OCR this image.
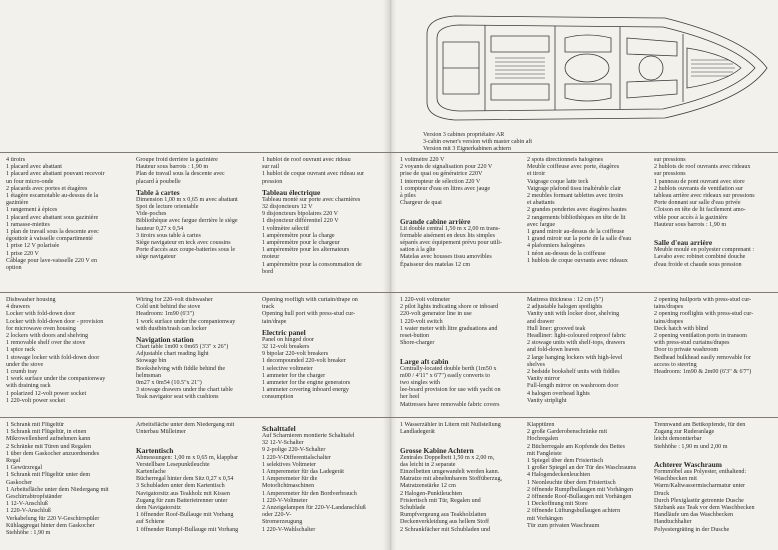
Version 3 cabines propriétaire AR
3-cabin owner's version with master cabin aft
Version mit 3 Eignerkabinen achtern
4 tiroirs
1 placard avec abattant
1 placard avec abattant pouvant recevoir
un four micro-onde
2 placards avec portes et étagères
1 étagère escamotable au-dessus de la
gazinière
1 rangement à épices
1 placard avec abattant sous gazinière
1 ramasse-miettes
1 plan de travail sous la descente avec
égouttoir à vaisselle compartimenté
1 prise 12 V polarisée
1 prise 220 V
Câblage pour lave-vaisselle 220 V en
option
Groupe froid derrière la gazinière
Hauteur sous barrots : 1,90 m
Plan de travail sous la descente avec
placard à poubelle
Table à cartes
Dimension 1,00 m x 0,65 m avec abattant
Spot de lecture orientable
Vide-poches
Bibliothèque avec fargue derrière le siège
hauteur 0,27 x 0,54
3 tiroirs sous table à cartes
Siège navigateur en teck avec coussins
Porte d'accès aux coupe-batteries sous le
siège navigateur
1 hublot de roof ouvrant avec rideau
sur rail
1 hublot de coque ouvrant avec rideau sur
pression
Tableau électrique
Tableau monté sur porte avec charnières
32 disjoncteurs 12 V
9 disjoncteurs bipolaires 220 V
1 disjoncteur différentiel 220 V
1 voltmètre sélectif
1 ampèremètre pour la charge
1 ampèremètre pour le chargeur
1 ampèremètre pour les alternateurs
moteur
1 ampèremètre pour la consommation de
bord
1 voltmètre 220 V
2 voyants de signalisation pour 220 V
prise de quai ou génératrice 220V
1 interrupteur de sélection 220 V
1 compteur d'eau en litres avec jauge
à piles
Chargeur de quai

Grande cabine arrière
Lit double central 1,50 m x 2,00 m trans-
formable aisément en deux lits simples
séparés avec équipement prévu pour utili-
sation à la gîte
Matelas avec housses tissu amovibles
Épaisseur des matelas 12 cm
2 spots directionnels halogènes
Meuble coiffeuse avec porte, étagères
et tiroir
Vaigrage coque latte teck
Vaigrage plafond tissu inaltérable clair
2 meubles formant tablettes avec tiroirs
et abattants
2 grandes penderies avec étagères hautes
2 rangements bibliothèques en tête de lit
avec fargue
1 grand miroir au-dessus de la coiffeuse
1 grand miroir sur la porte de la salle d'eau
4 plafonniers halogènes
1 néon au-dessus de la coiffeuse
1 hublots de coque ouvrants avec rideaux
sur pressions
2 hublots de roof ouvrants avec rideaux
sur pressions
1 panneau de pont ouvrant avec store
2 hublots ouvrants de ventilation sur
tableau arrière avec rideaux sur pressions
Porte donnant sur salle d'eau privée
Cloison en tête de lit facilement amo-
vible pour accès à la gazinière
Hauteur sous barrots : 1,90 m

Salle d'eau arrière
Meuble moulé en polyester comprenant :
Lavabo avec robinet combiné douche
d'eau froide et chaude sous pression
Dishwasher housing
4 drawers
Locker with fold-down door
Locker with fold-down door - provision
for microwave oven housing
2 lockers with doors and shelving
1 removable shelf over the stove
1 spice rack
1 stowage locker with fold-down door
under the stove
1 crumb tray
1 work surface under the companionway
with draining rack
1 polarized 12-volt power socket
1 220-volt power socket
Wiring for 220-volt dishwasher
Cold unit behind the stove
Headroom: 1m90 (6'3")
1 work surface under the companionway
with dustbin/trash can locker
Navigation station
Chart table 1m00 x 0m65 (3'3" x 26")
Adjustable chart reading light
Stowage bin
Bookshelving with fiddle behind the
helmsman
0m27 x 0m54 (10.5"x 21")
3 stowage drawers under the chart table
Teak navigator seat with cushions
Opening roofligh with curtain/drape on
track
Opening hull port with press-stud cur-
tain/drape
Electric panel
Panel on hinged door
32 12-volt breakers
9 bipolar 220-volt breakers
1 decompounded 220-volt breaker
1 selective voltmeter
1 ammeter for the charger
1 ammeter for the engine generators
1 ammeter covering inboard energy
consumption
1 220-volt voltmeter
2 pilot lights indicating shore or inboard
220-volt generator line in use
1 220-volt switch
1 water meter with litre graduations and
reset-button
Shore-charger

Large aft cabin
Centrally-located double berth (1m50 x
m00 / 4'11" x 6'7") easily converts to
two singles with
lee-board provision for use with yacht on
her heel
Mattresses have removable fabric covers
Mattress thickness : 12 cm (5")
2 adjustable halogen spotlights
Vanity unit with locker door, shelving
and drawer
Hull liner: grooved teak
Headliner: light-coloured rotproof fabric
2 stowage units with shelf-tops, drawers
and fold-down leaves
2 large hanging lockers with high-level
shelves
2 bedside bookshelf units with fiddles
Vanity mirror
Full-length mirror on washroom door
4 halogen overhead lights
Vanity striplight
2 opening hullports with press-stud cur-
tains/drapes
2 opening rooflights with press-stud cur-
tains/drapes
Deck hatch with blind
2 opening ventilation ports in transom
with press-stud curtains/drapes
Door to private washroom
Bedhead bulkhead easily removable for
access to steering
Headroom: 1m90 & 2m00 (6'3" & 6'7")
1 Schrank mit Flügeltür
1 Schrank mit Flügeltür, in einen
Mikrowellenherd aufnehmen kann
2 Schränke mit Türen und Regalen
1 über dem Gaskocher anzuordnendes
Regal
1 Gewürzregal
1 Schrank mit Flügeltür unter dem
Gaskocher
1 Arbeitsfläche unter dem Niedergang mit
Geschirrabtropfständer
1 12-V-Anschluß
1 220-V-Anschluß
Verkabelung für 220 V-Geschirrspüler
Kühlaggregat hinter dem Gaskocher
Stehhöhe : 1,90 m
Arbeitsfläche unter dem Niedergang mit
Unterbau Mülleimer

Kartentisch
Abmessungen: 1,00 m x 0,65 m, klappbar
Verstellbare Lesepunktleuchte
Kartenfache
Bücherregal hinter dem Sitz 0,27 x 0,54
3 Schubladen unter dem Kartentisch
Navigatorsitz aus Teakholz mit Kissen
Zugang für zum Batterietrenner unter
dem Navigatorsitz
1 öffnender Roof-Bullauge mit Vorhang
auf Schiene
1 öffnender Rumpf-Bullauge mit Vorhang
Schalttafel
Auf Scharnieren montierte Schalttafel
32 12-V-Schalter
9 2-polige 220-V-Schalter
1 220-V-Differentialschalter
1 selektives Voltmeter
1 Amperemeter für das Ladegerät
1 Amperemeter für die
Motorlichtmaschinen
1 Amperemeter für den Bordverbrauch
1 220-V-Voltmeter
2 Anzeigelampen für 220-V-Landanschluß
oder 220-V-
Stromerzeugung
1 220-V-Wahlschalter
1 Wasserzähler in Litern mit Nullstellung
Landladegerät

Grosse Kabine Achtern
Zentrales Doppelbett 1,50 m x 2,00 m,
das leicht in 2 separate
Einzelbetten umgewandelt werden kann.
Matratze mit abnehmbarem Stoffüberzug,
Matratzenstärke 12 cm
2 Halogen-Punktleuchten
Frisiertisch mit Tür, Regalen und
Schublade
Rumpfvergeung aus Teakholzlatten
Deckenverkleidung aus hellem Stoff
2 Schrankfächer mit Schubladen und
Klapptüren
2 große Garderobenschränke mit
Hochregalen
2 Bücherregale am Kopfende des Bettes
mit Fangleiste
1 Spiegel über dem Frisiertisch
1 großer Spiegel an der Tür des Waschraums
4 Halogendeckenleuchten
1 Neonleuchte über dem Frisiertisch
2 öffnende Rumpfbullaugen mit Vorhängen
2 öffnende Roof-Bullaugen mit Vorhängen
1 Deckoffnung mit Store
2 öffnende Lüftungsbullaugen achtern
mit Vorhängen
Tür zum privaten Waschraum
Trennwand am Bettkopfende, für den
Zugang zur Ruderanlage
leicht demontierbar
Stehhöhe : 1,90 m und 2,00 m

Achterer Waschraum
Formmöbel aus Polyester, enthaltend:
Waschbecken mit
Warm/Kaltwassermischarmatur unter
Druck
Durch Plexiglastür getrennte Dusche
Sitzbank aus Teak vor dem Waschbecken
Handläufe um das Waschbecken
Handtuchhalter
Polyestergräting in der Dusche
